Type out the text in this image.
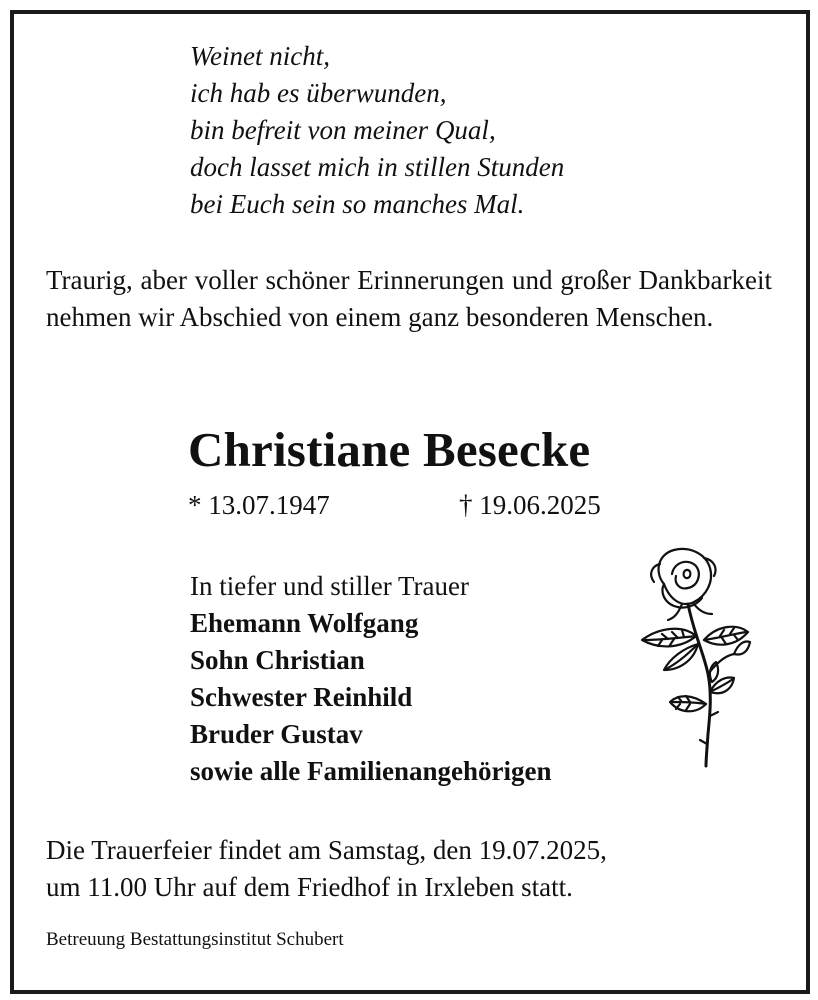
Weinet nicht,
ich hab es überwunden,
bin befreit von meiner Qual,
doch lasset mich in stillen Stunden
bei Euch sein so manches Mal.
Traurig, aber voller schöner Erinnerungen und großer Dankbarkeit nehmen wir Abschied von einem ganz besonderen Menschen.
Christiane Besecke
* 13.07.1947	† 19.06.2025
In tiefer und stiller Trauer
Ehemann Wolfgang
Sohn Christian
Schwester Reinhild
Bruder Gustav
sowie alle Familienangehörigen
Die Trauerfeier findet am Samstag, den 19.07.2025,
um 11.00 Uhr auf dem Friedhof in Irxleben statt.
Betreuung Bestattungsinstitut Schubert
